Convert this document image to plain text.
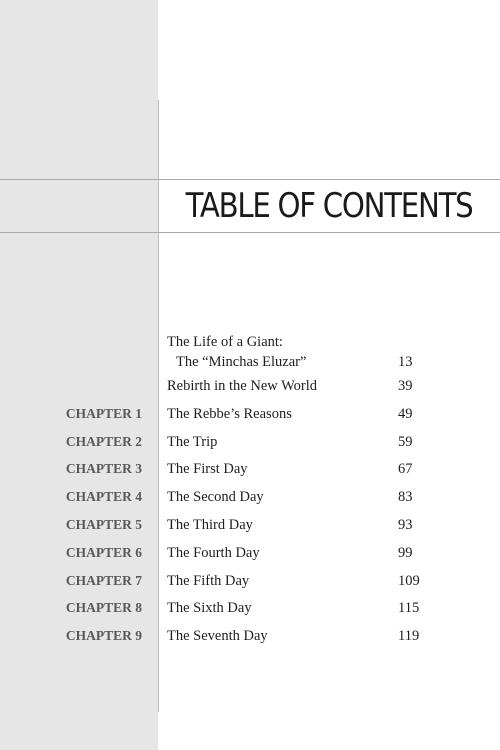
TABLE OF CONTENTS
The Life of a Giant:
The “Minchas Eluzar”	13
Rebirth in the New World	39
CHAPTER 1 The Rebbe’s Reasons	49
CHAPTER 2 The Trip	59
CHAPTER 3 The First Day	67
CHAPTER 4 The Second Day	83
CHAPTER 5 The Third Day	93
CHAPTER 6 The Fourth Day	99
CHAPTER 7 The Fifth Day	109
CHAPTER 8 The Sixth Day	115
CHAPTER 9 The Seventh Day	119
